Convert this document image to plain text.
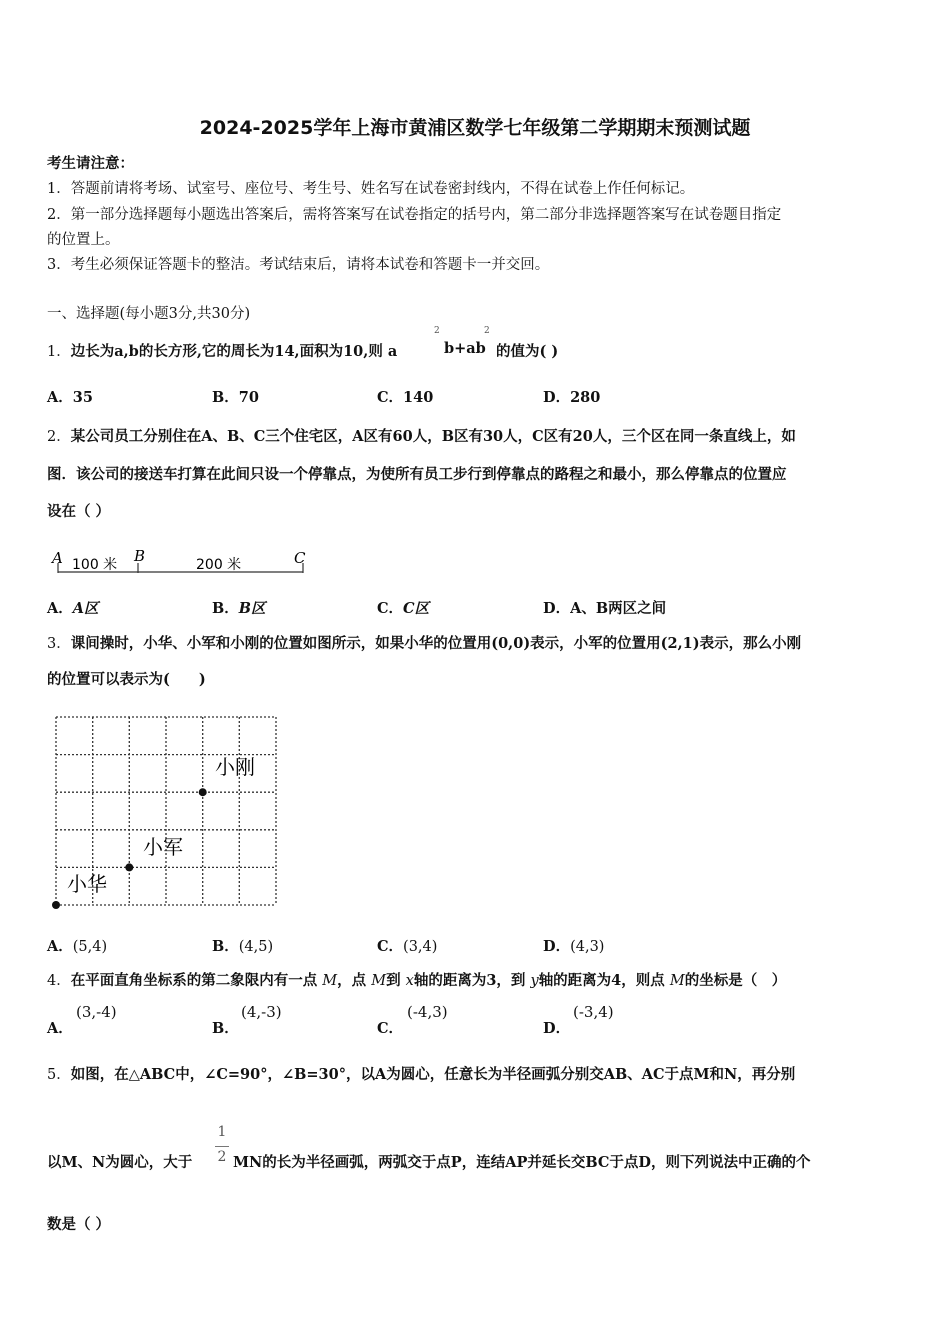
2024-2025学年上海市黄浦区数学七年级第二学期期末预测试题
考生请注意：
1．答题前请将考场、试室号、座位号、考生号、姓名写在试卷密封线内，不得在试卷上作任何标记。
2．第一部分选择题每小题选出答案后，需将答案写在试卷指定的括号内，第二部分非选择题答案写在试卷题目指定
的位置上。
3．考生必须保证答题卡的整洁。考试结束后，请将本试卷和答题卡一并交回。
一、选择题(每小题3分,共30分)
1．边长为a,b的长方形,它的周长为14,面积为10,则 a
2
b+ab
2
的值为( )
A．35	B．70	C．140	D．280
2．某公司员工分别住在A、B、C三个住宅区，A区有60人，B区有30人，C区有20人，三个区在同一条直线上，如
图．该公司的接送车打算在此间只设一个停靠点，为使所有员工步行到停靠点的路程之和最小，那么停靠点的位置应
设在（ ）
A	B	C
100 米	200 米
A．A区	B．B区	C．C区	D．A、B两区之间
3．课间操时，小华、小军和小刚的位置如图所示，如果小华的位置用(0,0)表示，小军的位置用(2,1)表示，那么小刚
的位置可以表示为(　　)
小刚
小军
小华
A．(5,4)	B．(4,5)	C．(3,4)	D．(4,3)
4．在平面直角坐标系的第二象限内有一点 M，点 M到 x轴的距离为3，到 y轴的距离为4，则点 M的坐标是（　）
A．
(3,-4)
B．
(4,-3)
C．
(-4,3)
D．
(-3,4)
5．如图，在△ABC中，∠C=90°，∠B=30°，以A为圆心，任意长为半径画弧分别交AB、AC于点M和N，再分别
以M、N为圆心，大于
1
2 MN的长为半径画弧，两弧交于点P，连结AP并延长交BC于点D，则下列说法中正确的个
数是（ ）
